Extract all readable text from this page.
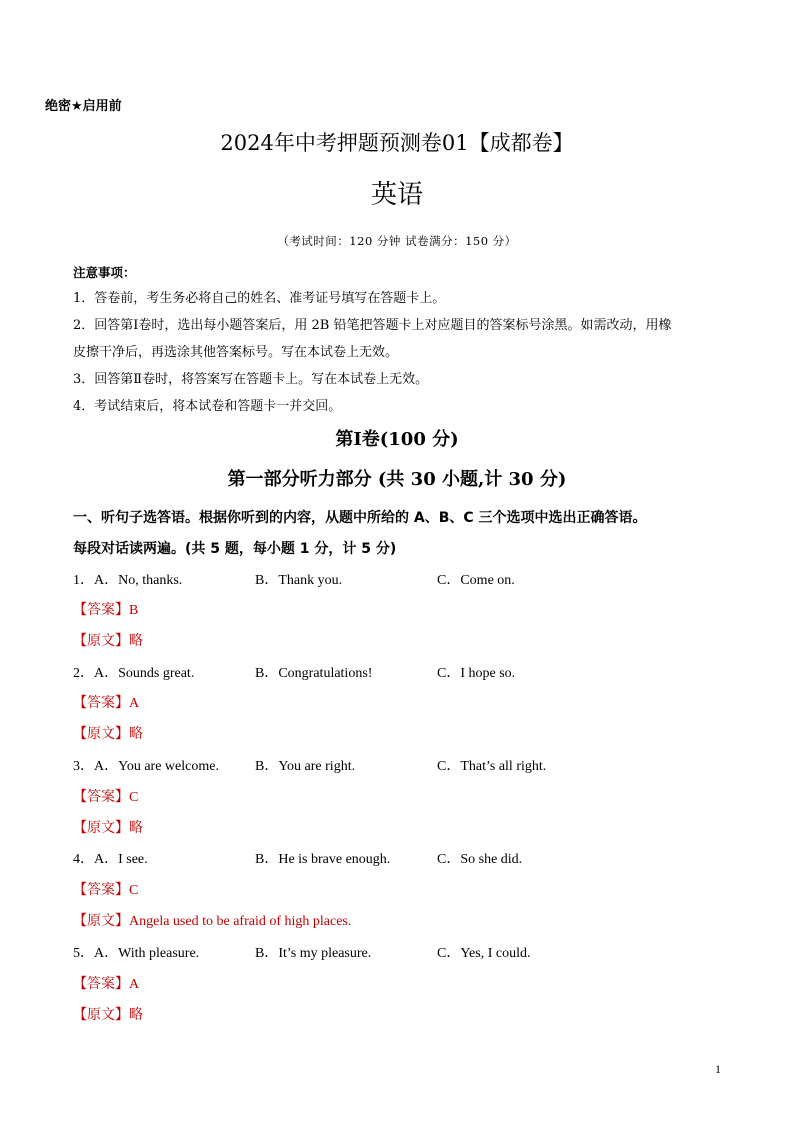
绝密★启用前
2024年中考押题预测卷01【成都卷】
英语
（考试时间：120 分钟 试卷满分：150 分）
注意事项：
1．答卷前，考生务必将自己的姓名、准考证号填写在答题卡上。
2．回答第Ⅰ卷时，选出每小题答案后，用 2B 铅笔把答题卡上对应题目的答案标号涂黑。如需改动，用橡
皮擦干净后，再选涂其他答案标号。写在本试卷上无效。
3．回答第Ⅱ卷时，将答案写在答题卡上。写在本试卷上无效。
4．考试结束后，将本试卷和答题卡一并交回。
第Ⅰ卷(100 分)
第一部分听力部分 (共 30 小题,计 30 分)
一、听句子选答语。根据你听到的内容，从题中所给的 A、B、C 三个选项中选出正确答语。
每段对话读两遍。(共 5 题，每小题 1 分，计 5 分)
1．A．No, thanks.	B．Thank you.	C．Come on.
【答案】B
【原文】略
2．A．Sounds great.	B．Congratulations!	C．I hope so.
【答案】A
【原文】略
3．A．You are welcome.	B．You are right.	C．That’s all right.
【答案】C
【原文】略
4．A．I see.	B．He is brave enough.	C．So she did.
【答案】C
【原文】Angela used to be afraid of high places.
5．A．With pleasure.	B．It’s my pleasure.	C．Yes, I could.
【答案】A
【原文】略
1
